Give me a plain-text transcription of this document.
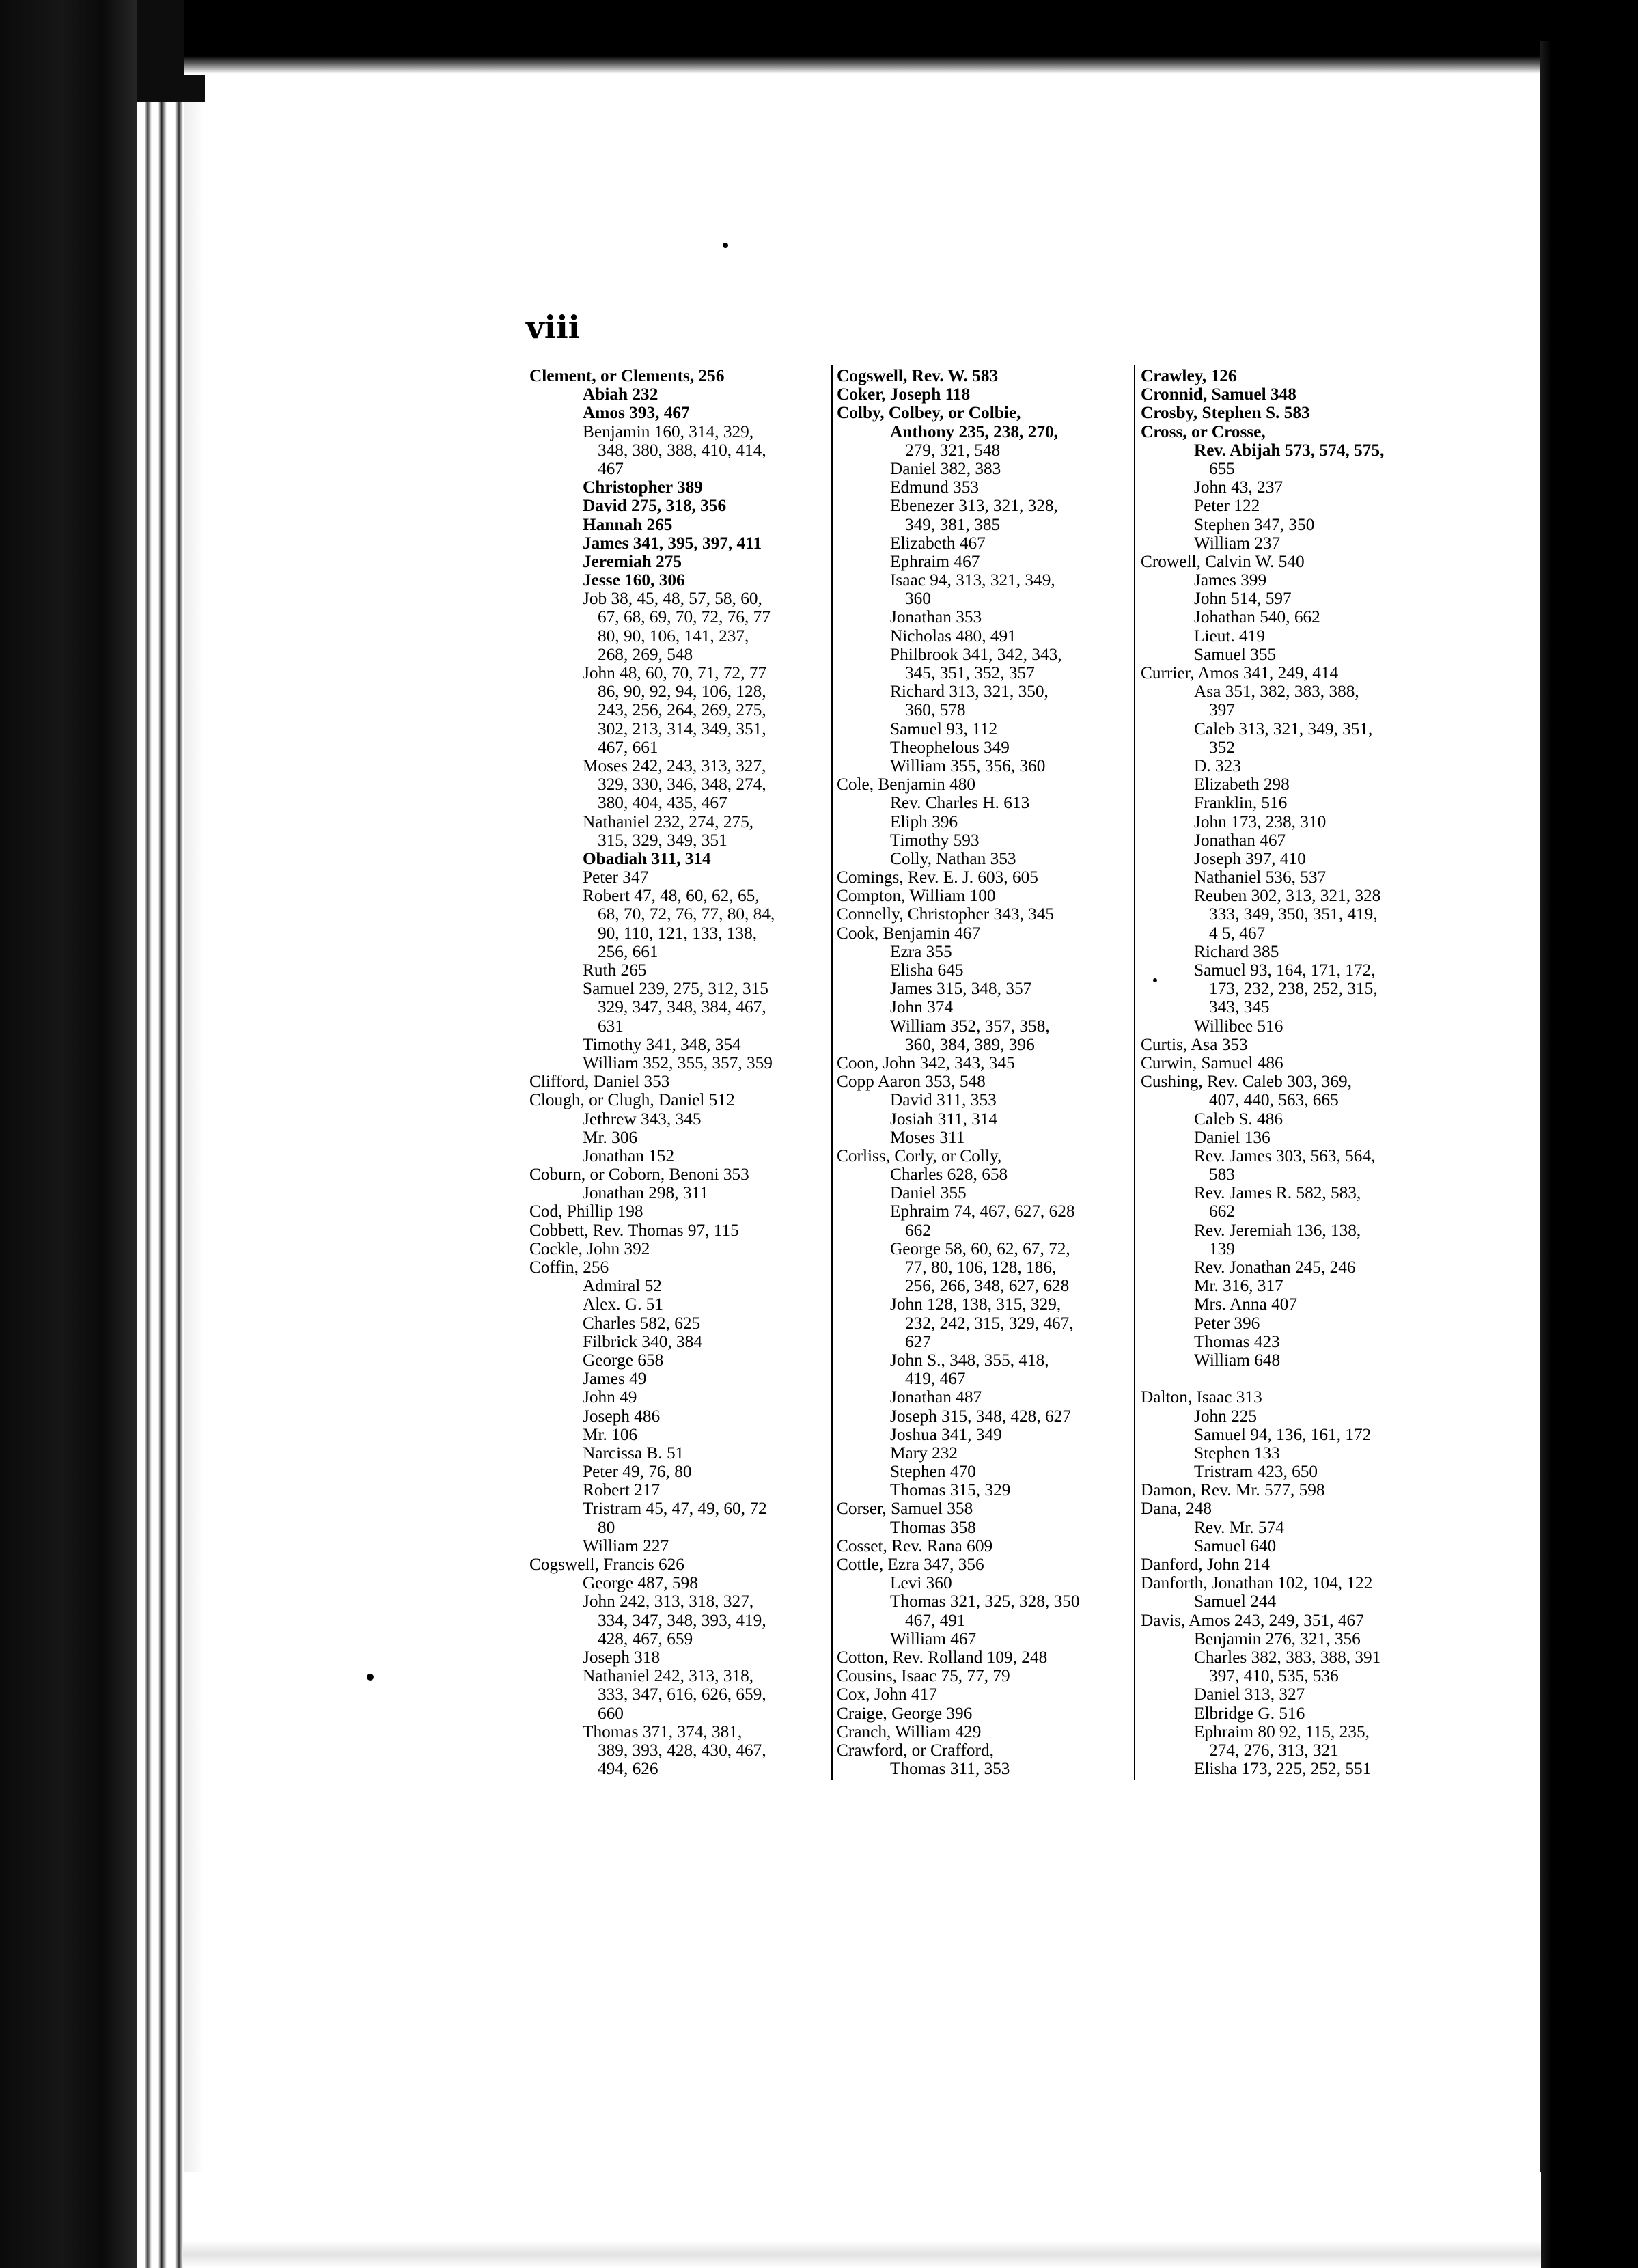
viii
Clement, or Clements, 256
Abiah 232
Amos 393, 467
Benjamin 160, 314, 329,
348, 380, 388, 410, 414,
467
Christopher 389
David 275, 318, 356
Hannah 265
James 341, 395, 397, 411
Jeremiah 275
Jesse 160, 306
Job 38, 45, 48, 57, 58, 60,
67, 68, 69, 70, 72, 76, 77
80, 90, 106, 141, 237,
268, 269, 548
John 48, 60, 70, 71, 72, 77
86, 90, 92, 94, 106, 128,
243, 256, 264, 269, 275,
302, 213, 314, 349, 351,
467, 661
Moses 242, 243, 313, 327,
329, 330, 346, 348, 274,
380, 404, 435, 467
Nathaniel 232, 274, 275,
315, 329, 349, 351
Obadiah 311, 314
Peter 347
Robert 47, 48, 60, 62, 65,
68, 70, 72, 76, 77, 80, 84,
90, 110, 121, 133, 138,
256, 661
Ruth 265
Samuel 239, 275, 312, 315
329, 347, 348, 384, 467,
631
Timothy 341, 348, 354
William 352, 355, 357, 359
Clifford, Daniel 353
Clough, or Clugh, Daniel 512
Jethrew 343, 345
Mr. 306
Jonathan 152
Coburn, or Coborn, Benoni 353
Jonathan 298, 311
Cod, Phillip 198
Cobbett, Rev. Thomas 97, 115
Cockle, John 392
Coffin, 256
Admiral 52
Alex. G. 51
Charles 582, 625
Filbrick 340, 384
George 658
James 49
John 49
Joseph 486
Mr. 106
Narcissa B. 51
Peter 49, 76, 80
Robert 217
Tristram 45, 47, 49, 60, 72
80
William 227
Cogswell, Francis 626
George 487, 598
John 242, 313, 318, 327,
334, 347, 348, 393, 419,
428, 467, 659
Joseph 318
Nathaniel 242, 313, 318,
333, 347, 616, 626, 659,
660
Thomas 371, 374, 381,
389, 393, 428, 430, 467,
494, 626
Cogswell, Rev. W. 583
Coker, Joseph 118
Colby, Colbey, or Colbie,
Anthony 235, 238, 270,
279, 321, 548
Daniel 382, 383
Edmund 353
Ebenezer 313, 321, 328,
349, 381, 385
Elizabeth 467
Ephraim 467
Isaac 94, 313, 321, 349,
360
Jonathan 353
Nicholas 480, 491
Philbrook 341, 342, 343,
345, 351, 352, 357
Richard 313, 321, 350,
360, 578
Samuel 93, 112
Theophelous 349
William 355, 356, 360
Cole, Benjamin 480
Rev. Charles H. 613
Eliph 396
Timothy 593
Colly, Nathan 353
Comings, Rev. E. J. 603, 605
Compton, William 100
Connelly, Christopher 343, 345
Cook, Benjamin 467
Ezra 355
Elisha 645
James 315, 348, 357
John 374
William 352, 357, 358,
360, 384, 389, 396
Coon, John 342, 343, 345
Copp Aaron 353, 548
David 311, 353
Josiah 311, 314
Moses 311
Corliss, Corly, or Colly,
Charles 628, 658
Daniel 355
Ephraim 74, 467, 627, 628
662
George 58, 60, 62, 67, 72,
77, 80, 106, 128, 186,
256, 266, 348, 627, 628
John 128, 138, 315, 329,
232, 242, 315, 329, 467,
627
John S., 348, 355, 418,
419, 467
Jonathan 487
Joseph 315, 348, 428, 627
Joshua 341, 349
Mary 232
Stephen 470
Thomas 315, 329
Corser, Samuel 358
Thomas 358
Cosset, Rev. Rana 609
Cottle, Ezra 347, 356
Levi 360
Thomas 321, 325, 328, 350
467, 491
William 467
Cotton, Rev. Rolland 109, 248
Cousins, Isaac 75, 77, 79
Cox, John 417
Craige, George 396
Cranch, William 429
Crawford, or Crafford,
Thomas 311, 353
Crawley, 126
Cronnid, Samuel 348
Crosby, Stephen S. 583
Cross, or Crosse,
Rev. Abijah 573, 574, 575,
655
John 43, 237
Peter 122
Stephen 347, 350
William 237
Crowell, Calvin W. 540
James 399
John 514, 597
Johathan 540, 662
Lieut. 419
Samuel 355
Currier, Amos 341, 249, 414
Asa 351, 382, 383, 388,
397
Caleb 313, 321, 349, 351,
352
D. 323
Elizabeth 298
Franklin, 516
John 173, 238, 310
Jonathan 467
Joseph 397, 410
Nathaniel 536, 537
Reuben 302, 313, 321, 328
333, 349, 350, 351, 419,
4 5, 467
Richard 385
Samuel 93, 164, 171, 172,
173, 232, 238, 252, 315,
343, 345
Willibee 516
Curtis, Asa 353
Curwin, Samuel 486
Cushing, Rev. Caleb 303, 369,
407, 440, 563, 665
Caleb S. 486
Daniel 136
Rev. James 303, 563, 564,
583
Rev. James R. 582, 583,
662
Rev. Jeremiah 136, 138,
139
Rev. Jonathan 245, 246
Mr. 316, 317
Mrs. Anna 407
Peter 396
Thomas 423
William 648
Dalton, Isaac 313
John 225
Samuel 94, 136, 161, 172
Stephen 133
Tristram 423, 650
Damon, Rev. Mr. 577, 598
Dana, 248
Rev. Mr. 574
Samuel 640
Danford, John 214
Danforth, Jonathan 102, 104, 122
Samuel 244
Davis, Amos 243, 249, 351, 467
Benjamin 276, 321, 356
Charles 382, 383, 388, 391
397, 410, 535, 536
Daniel 313, 327
Elbridge G. 516
Ephraim 80 92, 115, 235,
274, 276, 313, 321
Elisha 173, 225, 252, 551
